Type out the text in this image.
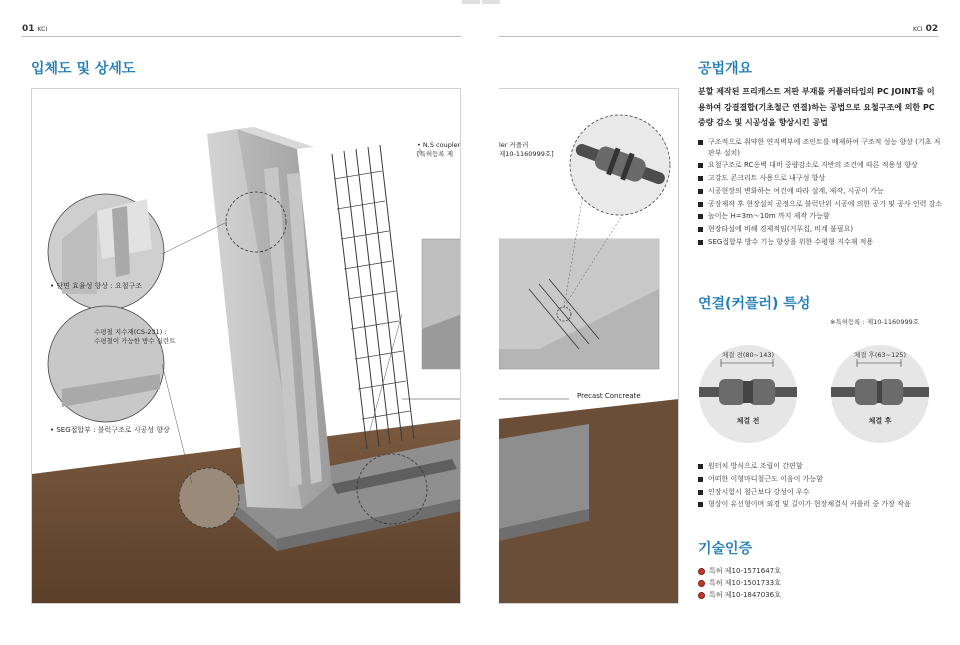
01 KCI	KCI 02
입체도 및 상세도
• 단면 효율성 향상 : 요철구조
수평철 지수재(CS-231) :
수평철이 가능한 방수 실란트
• SEG접합부 : 블럭구조로 시공성 향상
• N,S coupler
[특허등록 제
ler 커플러
제10-1160999호]
Precast Concreate
공법개요
분할 제작된 프리캐스트 저판 부재를 커플러타입의 PC JOINT를 이용하여 강결결합(기초철근 연결)하는 공법으로 요철구조에 의한 PC 중량 감소 및 시공성을 향상시킨 공법
구조적으로 취약한 연직벽부에 조인트를 배제하여 구조적 성능 향상 (기초 저판부 설치)
요철구조로 RC옹벽 대비 중량감소로 지반의 조건에 따른 적용성 향상
고강도 콘크리트 사용으로 내구성 향상
시공현장의 변화하는 여건에 따라 설계, 제작, 시공이 가능
공장제작 후 현장설치 공정으로 블럭단위 시공에 의한 공기 및 공사 인력 감소
높이는 H=3m～10m 까지 제작 가능함
현장타설에 비해 경제적임(거푸집, 비계 불필요)
SEG접합부 방수 기능 향상을 위한 수평형 지수재 적용
연결(커플러) 특성
※특허등록 : 제10-1160999호
체결 전(80~143)
체결 전
체결 후(63~125)
체결 후
원터치 방식으로 조립이 간편함
어떠한 이형마디철근도 이음이 가능함
인장시험시 철근보다 강성이 우수
형상이 유선형이며 외경 및 길이가 현장체결식 커플러 중 가장 작음
기술인증
특허 제10-1571647호
특허 제10-1501733호
특허 제10-1847036호
